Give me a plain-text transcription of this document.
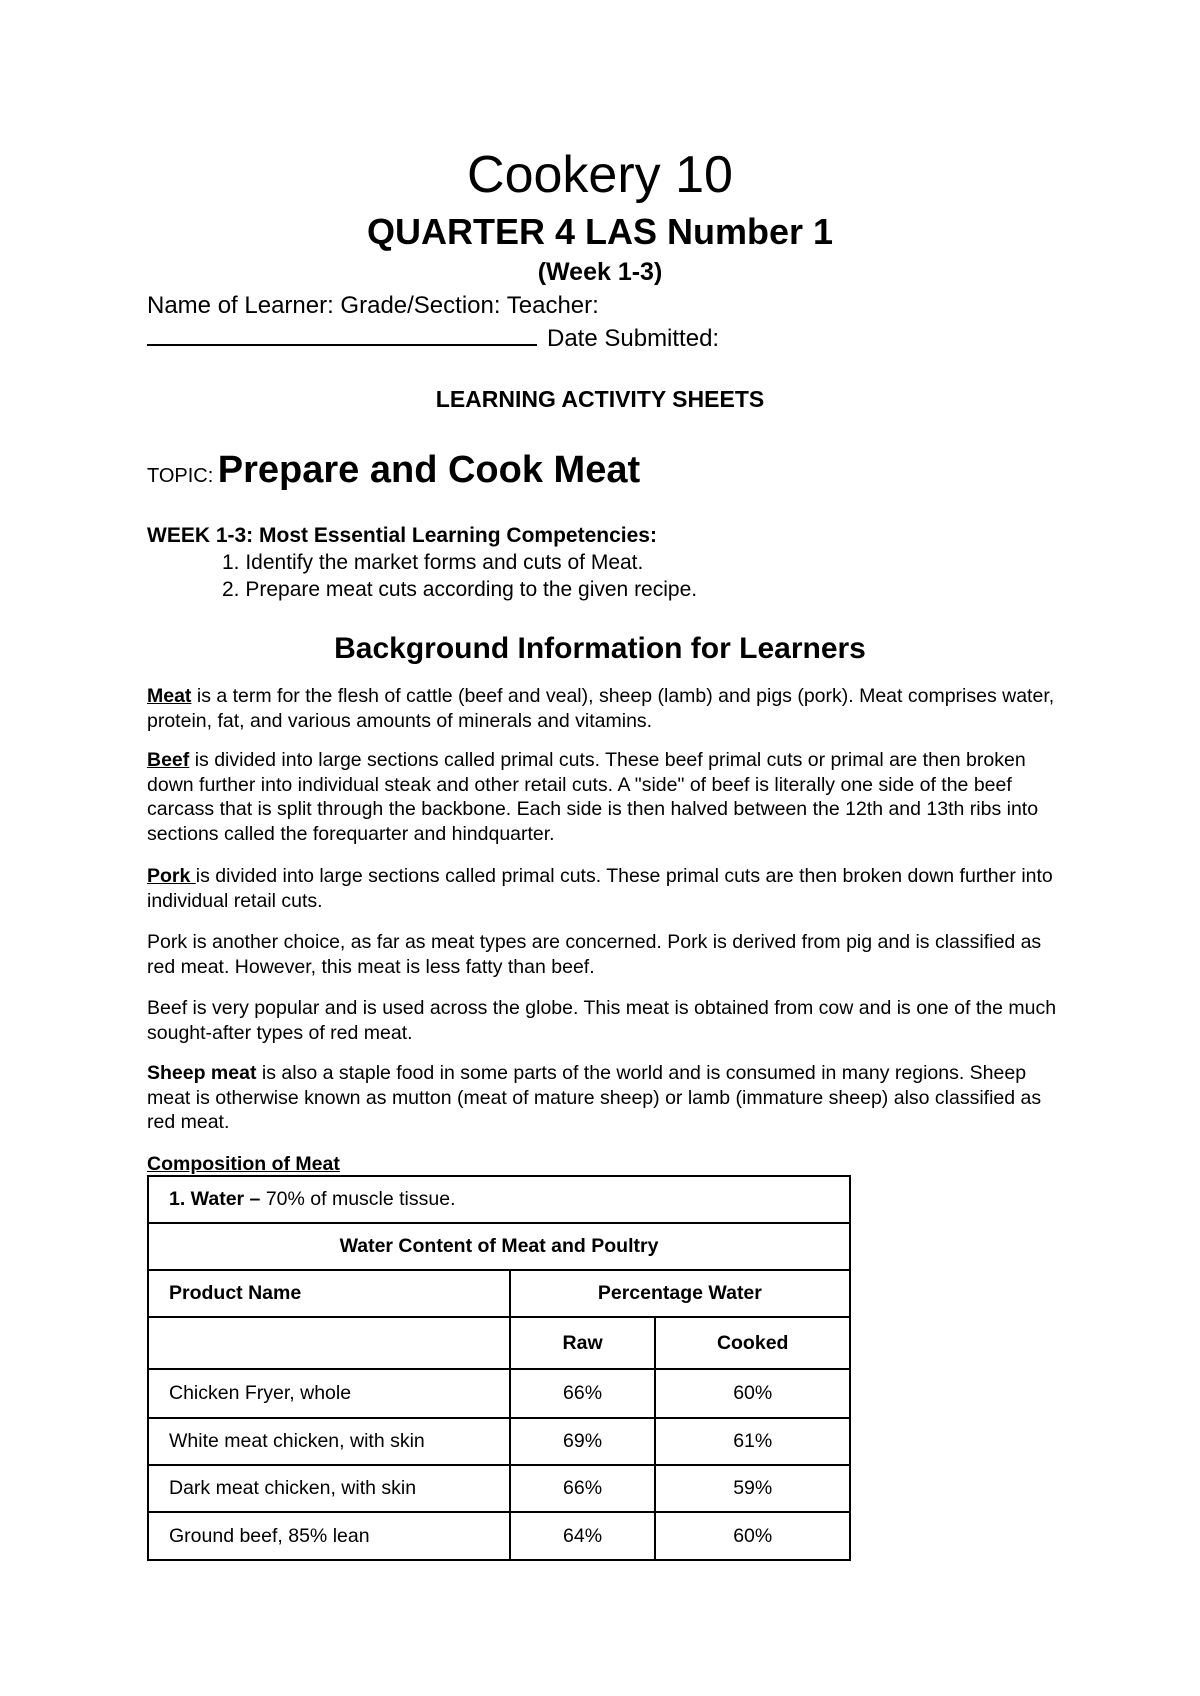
Cookery 10
QUARTER 4 LAS Number 1
(Week 1-3)
Name of Learner: Grade/Section: Teacher:
Date Submitted:
LEARNING ACTIVITY SHEETS
TOPIC: Prepare and Cook Meat
WEEK 1-3: Most Essential Learning Competencies:
1. Identify the market forms and cuts of Meat.
2. Prepare meat cuts according to the given recipe.
Background Information for Learners
Meat is a term for the flesh of cattle (beef and veal), sheep (lamb) and pigs (pork). Meat comprises water, protein, fat, and various amounts of minerals and vitamins.
Beef is divided into large sections called primal cuts. These beef primal cuts or primal are then broken down further into individual steak and other retail cuts. A "side" of beef is literally one side of the beef carcass that is split through the backbone. Each side is then halved between the 12th and 13th ribs into sections called the forequarter and hindquarter.
Pork is divided into large sections called primal cuts. These primal cuts are then broken down further into individual retail cuts.
Pork is another choice, as far as meat types are concerned. Pork is derived from pig and is classified as red meat. However, this meat is less fatty than beef.
Beef is very popular and is used across the globe. This meat is obtained from cow and is one of the much sought-after types of red meat.
Sheep meat is also a staple food in some parts of the world and is consumed in many regions. Sheep meat is otherwise known as mutton (meat of mature sheep) or lamb (immature sheep) also classified as red meat.
Composition of Meat
1. Water – 70% of muscle tissue.		
Water Content of Meat and Poultry		
Product Name	Percentage Water	
	Raw	Cooked
Chicken Fryer, whole	66%	60%
White meat chicken, with skin	69%	61%
Dark meat chicken, with skin	66%	59%
Ground beef, 85% lean	64%	60%
